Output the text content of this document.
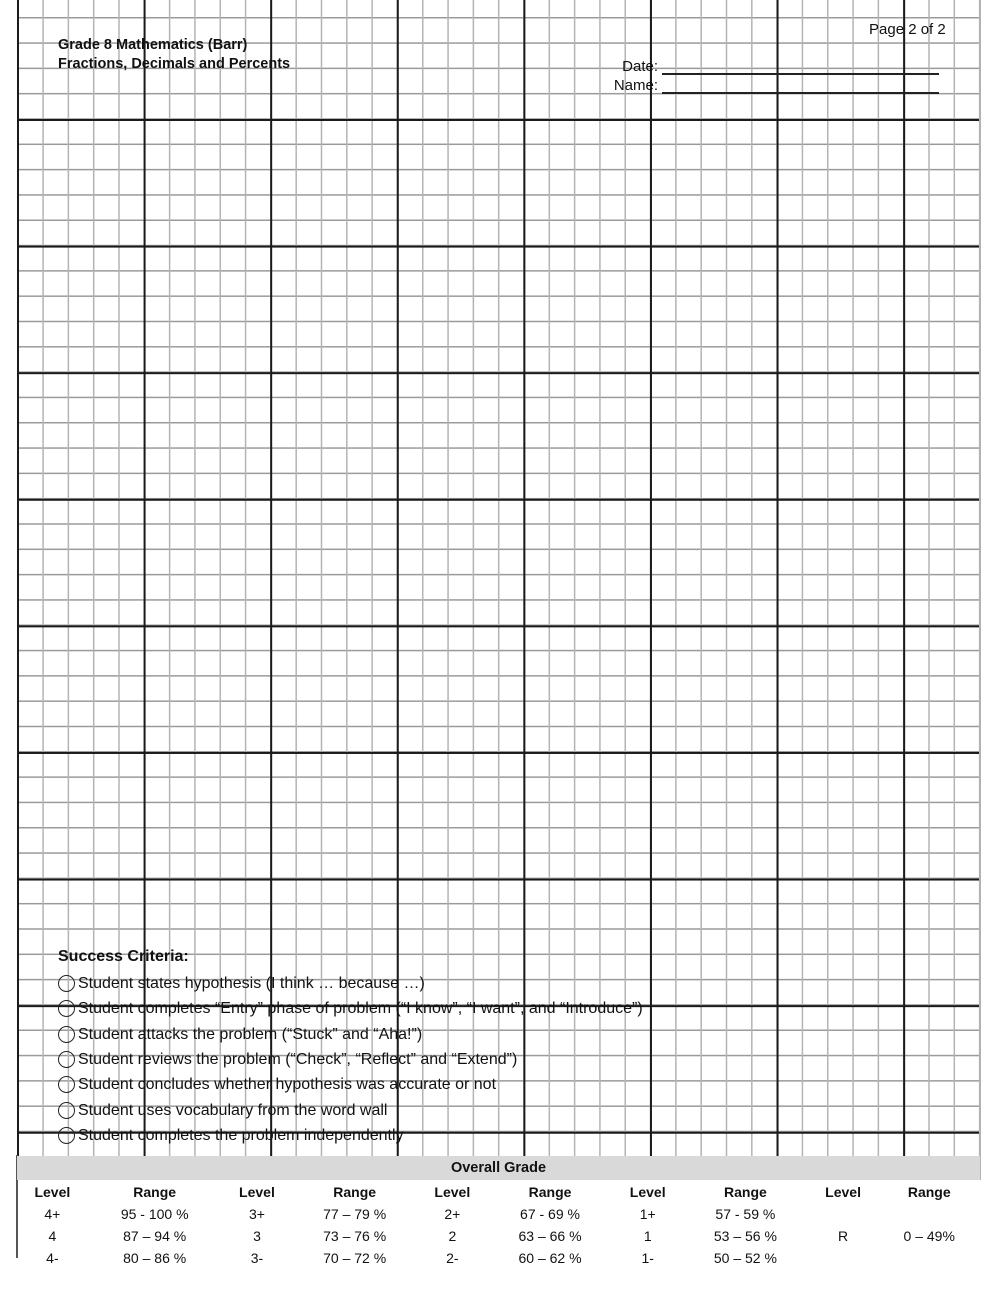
Grade 8 Mathematics (Barr)
Fractions, Decimals and Percents
Page 2 of 2
Date:
Name:
Success Criteria:
Student states hypothesis (I think … because …)
Student completes “Entry” phase of problem (“I know”, “I want”, and “Introduce”)
Student attacks the problem (“Stuck” and “Aha!”)
Student reviews the problem (“Check”, “Reflect” and “Extend”)
Student concludes whether hypothesis was accurate or not
Student uses vocabulary from the word wall
Student completes the problem independently
Overall Grade
Level	Range	Level	Range	Level	Range	Level	Range	Level	Range
4+	95 - 100 %	3+	77 – 79 %	2+	67 - 69 %	1+	57 - 59 %		
4	87 – 94 %	3	73 – 76 %	2	63 – 66 %	1	53 – 56 %	R	0 – 49%
4-	80 – 86 %	3-	70 – 72 %	2-	60 – 62 %	1-	50 – 52 %		
